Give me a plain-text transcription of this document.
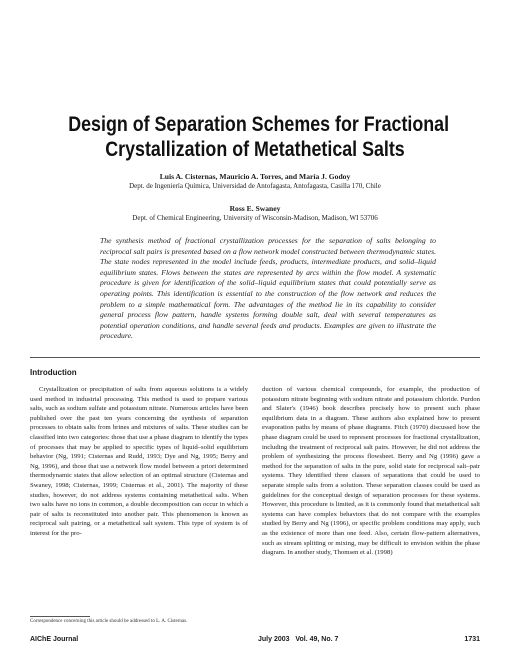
Design of Separation Schemes for Fractional
Crystallization of Metathetical Salts
Luis A. Cisternas, Mauricio A. Torres, and María J. Godoy
Dept. de Ingeniería Química, Universidad de Antofagasta, Antofagasta, Casilla 170, Chile
Ross E. Swaney
Dept. of Chemical Engineering, University of Wisconsin-Madison, Madison, WI 53706
The synthesis method of fractional crystallization processes for the separation of salts belonging to reciprocal salt pairs is presented based on a flow network model constructed between thermodynamic states. The state nodes represented in the model include feeds, products, intermediate products, and solid–liquid equilibrium states. Flows between the states are represented by arcs within the flow model. A systematic procedure is given for identification of the solid–liquid equilibrium states that could potentially serve as operating points. This identification is essential to the construction of the flow network and reduces the problem to a simple mathematical form. The advantages of the method lie in its capability to consider general process flow pattern, handle systems forming double salt, deal with several temperatures as potential operation conditions, and handle several feeds and products. Examples are given to illustrate the procedure.
Introduction
Crystallization or precipitation of salts from aqueous solutions is a widely used method in industrial processing. This method is used to prepare various salts, such as sodium sulfate and potassium nitrate. Numerous articles have been published over the past ten years concerning the synthesis of separation processes to obtain salts from brines and mixtures of salts. These studies can be classified into two categories: those that use a phase diagram to identify the types of processes that may be applied to specific types of liquid–solid equilibrium behavior (Ng, 1991; Cisternas and Rudd, 1993; Dye and Ng, 1995; Berry and Ng, 1996), and those that use a network flow model between a priori determined thermodynamic states that allow selection of an optimal structure (Cisternas and Swaney, 1998; Cisternas, 1999; Cisternas et al., 2001). The majority of these studies, however, do not address systems containing metathetical salts. When two salts have no ions in common, a double decomposition can occur in which a pair of salts is reconstituted into another pair. This phenomenon is known as reciprocal salt pairing, or a metathetical salt system. This type of system is of interest for the pro-
duction of various chemical compounds, for example, the production of potassium nitrate beginning with sodium nitrate and potassium chloride. Purdon and Slater's (1946) book describes precisely how to present such phase equilibrium data in a diagram. These authors also explained how to present evaporation paths by means of phase diagrams. Fitch (1970) discussed how the phase diagram could be used to represent processes for fractional crystallization, including the treatment of reciprocal salt pairs. However, he did not address the problem of synthesizing the process flowsheet. Berry and Ng (1996) gave a method for the separation of salts in the pure, solid state for reciprocal salt–pair systems. They identified three classes of separations that could be used to separate simple salts from a solution. These separation classes could be used as guidelines for the conceptual design of separation processes for these systems. However, this procedure is limited, as it is commonly found that metathetical salt systems can have complex behaviors that do not compare with the examples studied by Berry and Ng (1996), or specific problem conditions may apply, such as the existence of more than one feed. Also, certain flow-pattern alternatives, such as stream splitting or mixing, may be difficult to envision within the phase diagram. In another study, Thomsen et al. (1998)
Correspondence concerning this article should be addressed to L. A. Cisternas.
AIChE Journal	July 2003   Vol. 49, No. 7	1731
